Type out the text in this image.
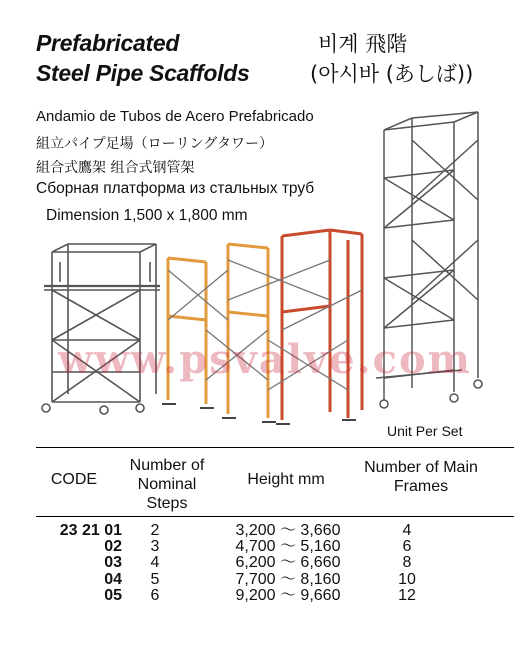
Prefabricated
Steel Pipe Scaffolds
비계 飛階
(아시바 (あしば))
Andamio de Tubos de Acero Prefabricado
組立パイプ足場（ローリングタワー）
組合式鷹架 组合式钢管架
Сборная платформа из стальных труб
Dimension 1,500 x 1,800 mm
www.psvalve.com
Unit Per Set
CODE
Number of Nominal Steps
Height mm
Number of Main Frames
23 21 01
02
03
04
05
2
3
4
5
6
3,200 ～ 3,660
4,700 ～ 5,160
6,200 ～ 6,660
7,700 ～ 8,160
9,200 ～ 9,660
4
6
8
10
12
